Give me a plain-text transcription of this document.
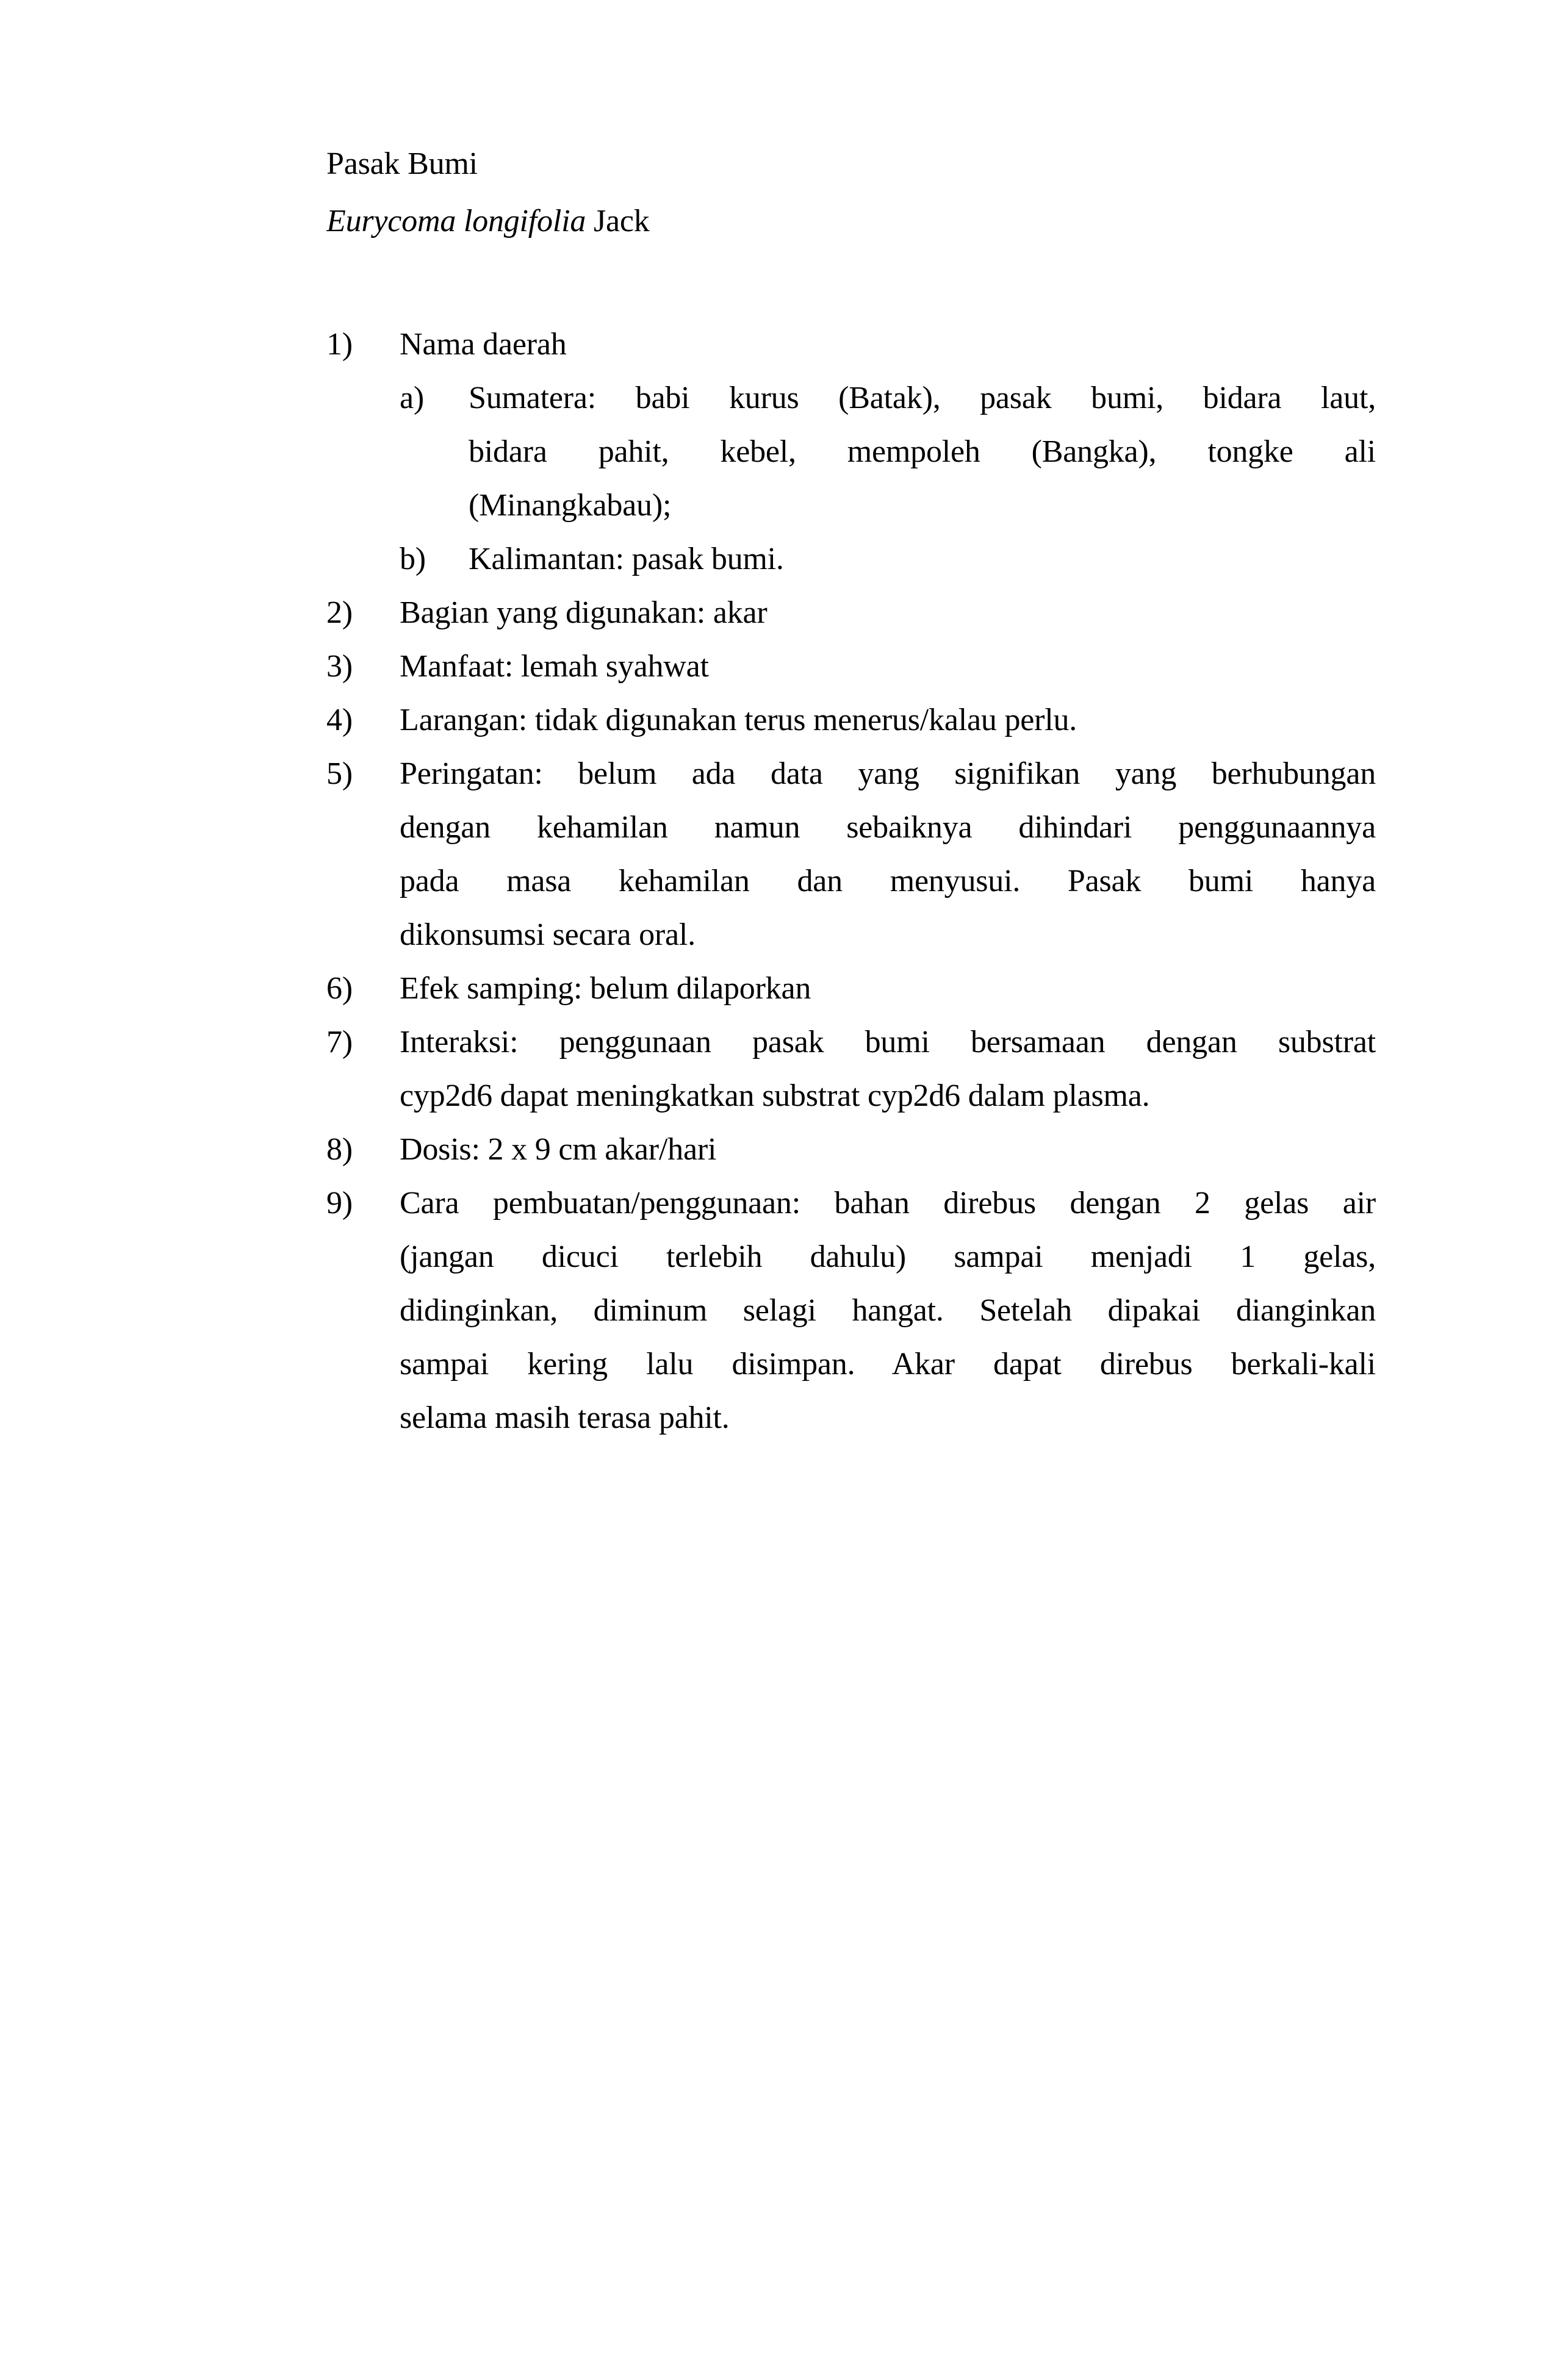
Pasak Bumi
Eurycoma longifolia Jack
1)	Nama daerah
a)	Sumatera: babi kurus (Batak), pasak bumi, bidara laut,
bidara pahit, kebel, mempoleh (Bangka), tongke ali
(Minangkabau);
b)	Kalimantan: pasak bumi.
2)	Bagian yang digunakan: akar
3)	Manfaat: lemah syahwat
4)	Larangan: tidak digunakan terus menerus/kalau perlu.
5)	Peringatan: belum ada data yang signifikan yang berhubungan
dengan kehamilan namun sebaiknya dihindari penggunaannya
pada masa kehamilan dan menyusui. Pasak bumi hanya
dikonsumsi secara oral.
6)	Efek samping: belum dilaporkan
7)	Interaksi: penggunaan pasak bumi bersamaan dengan substrat
cyp2d6 dapat meningkatkan substrat cyp2d6 dalam plasma.
8)	Dosis: 2 x 9 cm akar/hari
9)	Cara pembuatan/penggunaan: bahan direbus dengan 2 gelas air
(jangan dicuci terlebih dahulu) sampai menjadi 1 gelas,
didinginkan, diminum selagi hangat. Setelah dipakai dianginkan
sampai kering lalu disimpan. Akar dapat direbus berkali-kali
selama masih terasa pahit.
